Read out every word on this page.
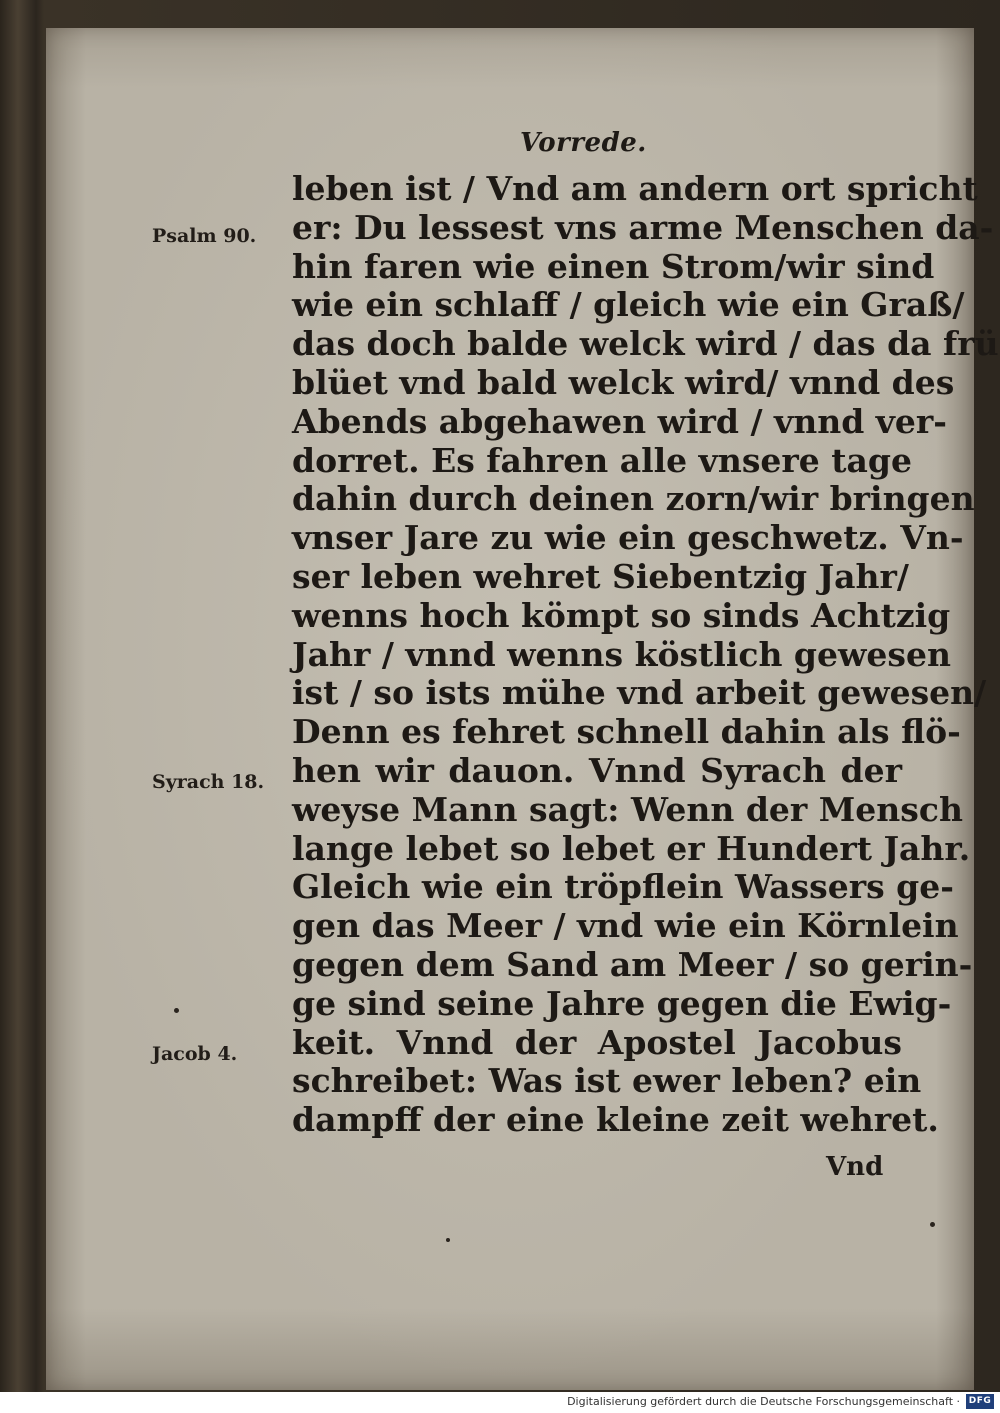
Vorrede.
Psalm 90.
Syrach 18.
Jacob 4.
leben ist / Vnd am andern ort spricht
er: Du lessest vns arme Menschen da-
hin faren wie einen Strom/wir sind
wie ein schlaff / gleich wie ein Graß/
das doch balde welck wird / das da frü
blüet vnd bald welck wird/ vnnd des
Abends abgehawen wird / vnnd ver-
dorret. Es fahren alle vnsere tage
dahin durch deinen zorn/wir bringen
vnser Jare zu wie ein geschwetz. Vn-
ser leben wehret Siebentzig Jahr/
wenns hoch kömpt so sinds Achtzig
Jahr / vnnd wenns köstlich gewesen
ist / so ists mühe vnd arbeit gewesen/
Denn es fehret schnell dahin als flö-
hen wir dauon. Vnnd Syrach der
weyse Mann sagt: Wenn der Mensch
lange lebet so lebet er Hundert Jahr.
Gleich wie ein tröpflein Wassers ge-
gen das Meer / vnd wie ein Körnlein
gegen dem Sand am Meer / so gerin-
ge sind seine Jahre gegen die Ewig-
keit. Vnnd der Apostel Jacobus
schreibet: Was ist ewer leben? ein
dampff der eine kleine zeit wehret.
Vnd
Digitalisierung gefördert durch die Deutsche Forschungsgemeinschaft · DFG
